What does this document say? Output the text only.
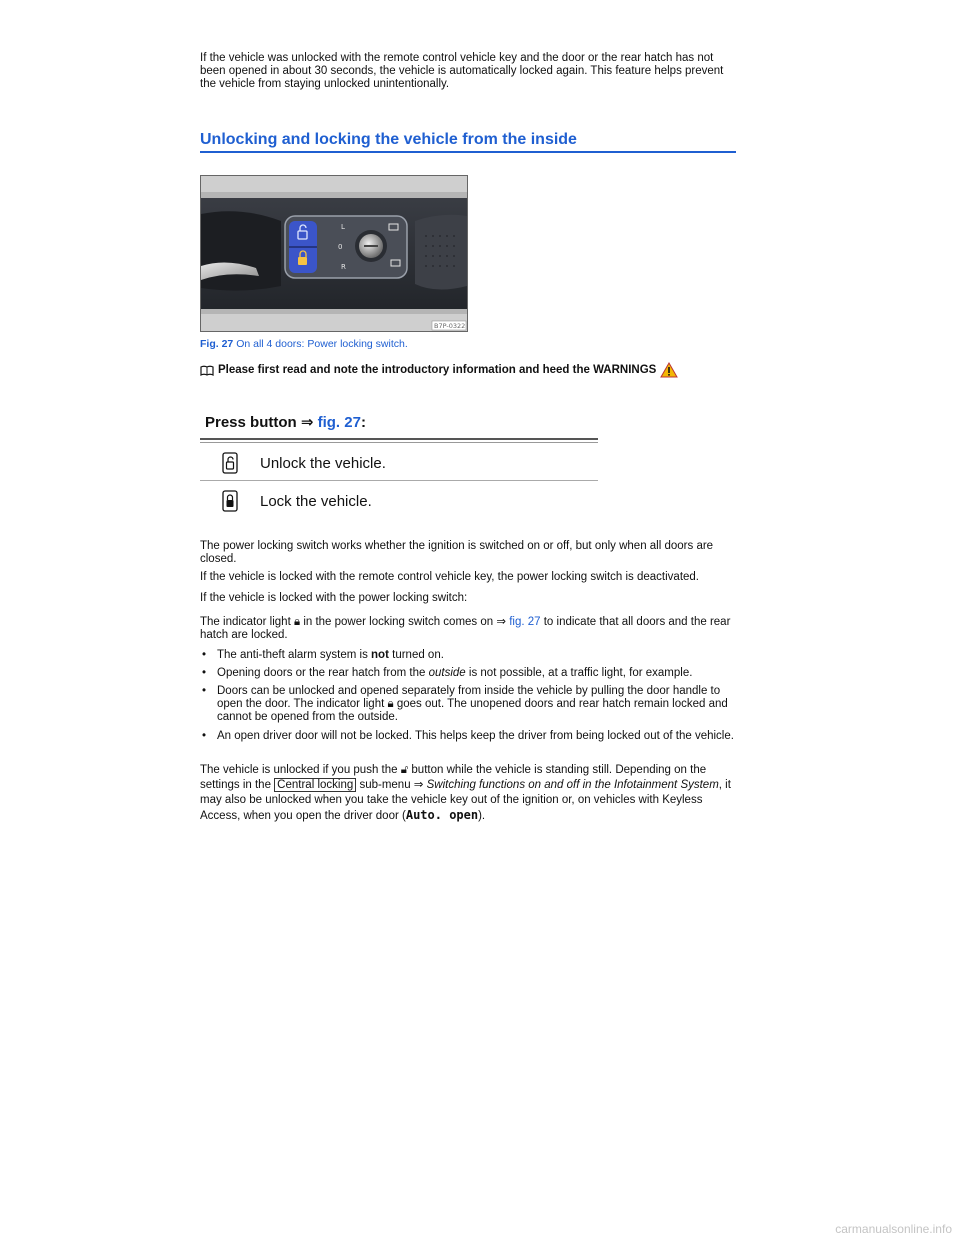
If the vehicle was unlocked with the remote control vehicle key and the door or the rear hatch has not been opened in about 30 seconds, the vehicle is automatically locked again. This feature helps prevent the vehicle from staying unlocked unintentionally.

Unlocking and locking the vehicle from the inside
L
0
R
B7P-0322
Fig. 27 On all 4 doors: Power locking switch.
Please first read and note the introductory information and heed the WARNINGS
Press button ⇒ fig. 27:
Unlock the vehicle.
Lock the vehicle.

The power locking switch works whether the ignition is switched on or off, but only when all doors are closed.

If the vehicle is locked with the remote control vehicle key, the power locking switch is deactivated.

If the vehicle is locked with the power locking switch:

The indicator light 🔒︎ in the power locking switch comes on ⇒ fig. 27 to indicate that all doors and the rear hatch are locked.

• The anti-theft alarm system is not turned on.
• Opening doors or the rear hatch from the outside is not possible, at a traffic light, for example.
• Doors can be unlocked and opened separately from inside the vehicle by pulling the door handle to open the door. The indicator light 🔒︎ goes out. The unopened doors and rear hatch remain locked and cannot be opened from the outside.
• An open driver door will not be locked. This helps keep the driver from being locked out of the vehicle.

The vehicle is unlocked if you push the 🔓︎ button while the vehicle is standing still. Depending on the settings in the Central locking sub-menu ⇒ Switching functions on and off in the Infotainment System, it may also be unlocked when you take the vehicle key out of the ignition or, on vehicles with Keyless Access, when you open the driver door (Auto. open).

carmanualsonline.info
